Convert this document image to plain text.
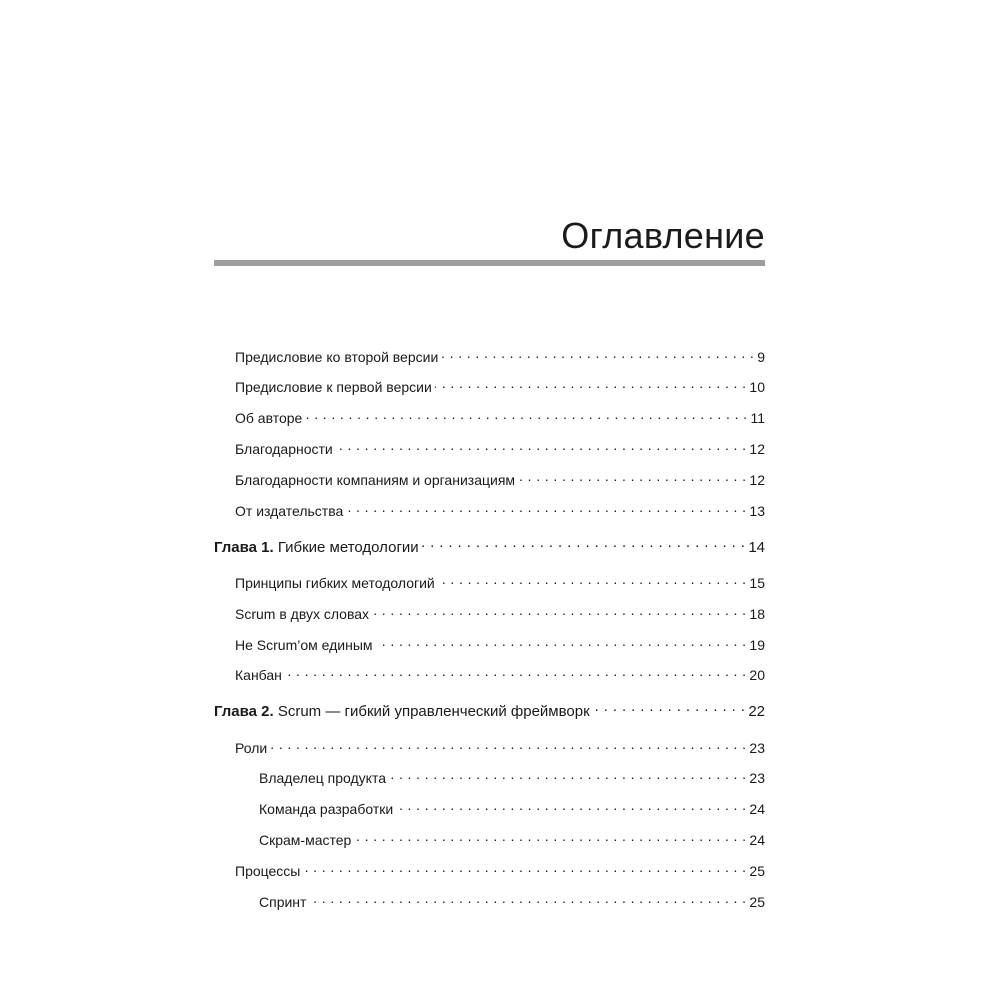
Оглавление
Предисловие ко второй версии . . .	9
Предисловие к первой версии . . .	10
Об авторе . . .	11
Благодарности . . .	12
Благодарности компаниям и организациям . . .	12
От издательства . . .	13
Глава 1. Гибкие методологии . . .	14
Принципы гибких методологий . . .	15
Scrum в двух словах . . .	18
Не Scrum’ом единым . . .	19
Канбан . . .	20
Глава 2. Scrum — гибкий управленческий фреймворк . . .	22
Роли . . .	23
Владелец продукта . . .	23
Команда разработки . . .	24
Скрам-мастер . . .	24
Процессы . . .	25
Спринт . . .	25
